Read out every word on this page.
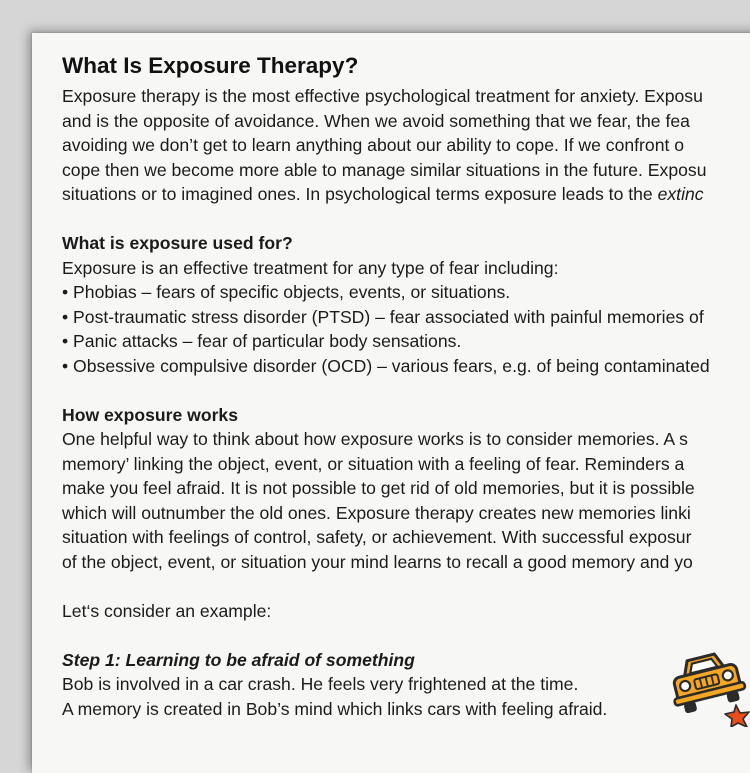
What Is Exposure Therapy?
Exposure therapy is the most effective psychological treatment for anxiety. Exposu
and is the opposite of avoidance. When we avoid something that we fear, the fea
avoiding we don’t get to learn anything about our ability to cope. If we confront o
cope then we become more able to manage similar situations in the future. Exposu
situations or to imagined ones. In psychological terms exposure leads to the extinc
What is exposure used for?
Exposure is an effective treatment for any type of fear including:
• Phobias – fears of specific objects, events, or situations.
• Post-traumatic stress disorder (PTSD) – fear associated with painful memories of
• Panic attacks – fear of particular body sensations.
• Obsessive compulsive disorder (OCD) – various fears, e.g. of being contaminated
How exposure works
One helpful way to think about how exposure works is to consider memories. A s
memory’ linking the object, event, or situation with a feeling of fear. Reminders a
make you feel afraid. It is not possible to get rid of old memories, but it is possible
which will outnumber the old ones. Exposure therapy creates new memories linki
situation with feelings of control, safety, or achievement. With successful exposur
of the object, event, or situation your mind learns to recall a good memory and yo
Let‘s consider an example:
Step 1: Learning to be afraid of something
Bob is involved in a car crash. He feels very frightened at the time.
A memory is created in Bob’s mind which links cars with feeling afraid.
